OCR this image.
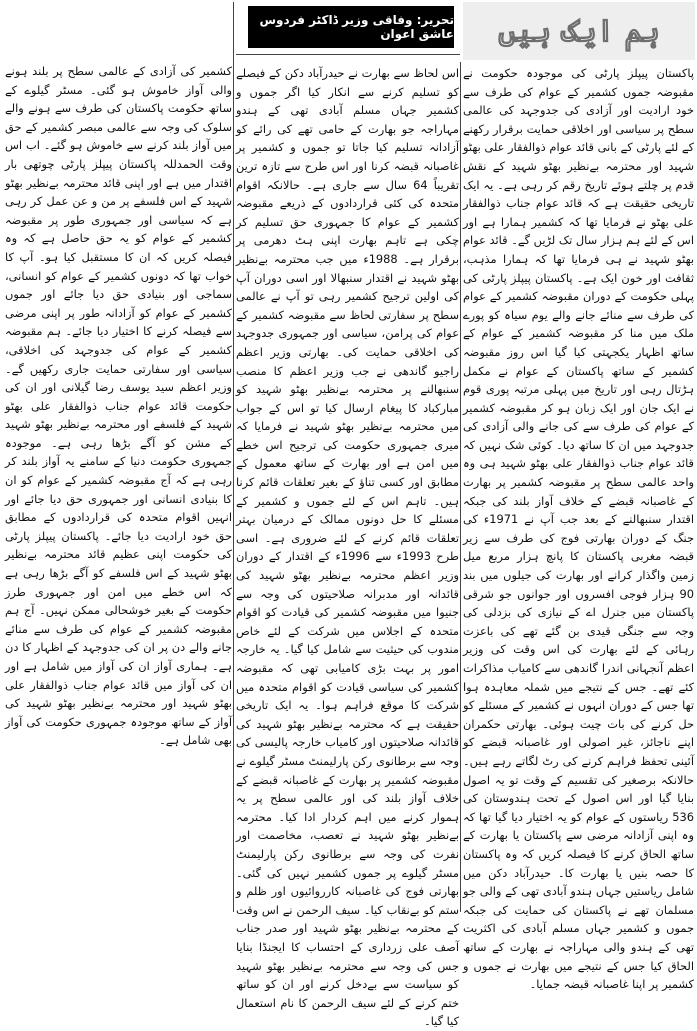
ہم ایک ہیں
تحریر: وفاقی وزیر ڈاکٹر فردوس عاشق اعوان

پاکستان پیپلز پارٹی کی موجودہ حکومت نے مقبوضہ جموں کشمیر کے عوام کی طرف سے خود ارادیت اور آزادی کی جدوجہد کی عالمی سطح پر سیاسی اور اخلاقی حمایت برقرار رکھنے کے لئے پارٹی کے بانی قائد عوام ذوالفقار علی بھٹو شہید اور محترمہ بےنظیر بھٹو شہید کے نقش قدم پر چلتے ہوئے تاریخ رقم کر رہی ہے۔ یہ ایک تاریخی حقیقت ہے کہ قائد عوام جناب ذوالفقار علی بھٹو نے فرمایا تھا کہ کشمیر ہمارا ہے اور اس کے لئے ہم ہزار سال تک لڑیں گے۔ قائد عوام بھٹو شہید نے ہی فرمایا تھا کہ ہمارا مذہب، ثقافت اور خون ایک ہے۔ پاکستان پیپلز پارٹی کی پہلی حکومت کے دوران مقبوضہ کشمیر کے عوام کی طرف سے منائے جانے والے یوم سیاہ کو پورے ملک میں منا کر مقبوضہ کشمیر کے عوام کے ساتھ اظہار یکجہتی کیا گیا اس روز مقبوضہ کشمیر کے ساتھ پاکستان کے عوام نے مکمل ہڑتال رہی اور تاریخ میں پہلی مرتبہ پوری قوم نے ایک جان اور ایک زبان ہو کر مقبوضہ کشمیر کے عوام کی طرف سے کی جانے والی آزادی کی جدوجہد میں ان کا ساتھ دیا۔ کوئی شک نہیں کہ قائد عوام جناب ذوالفقار علی بھٹو شہید ہی وہ واحد عالمی سطح پر مقبوضہ کشمیر پر بھارت کے غاصبانہ قبضے کے خلاف آواز بلند کی جبکہ اقتدار سنبھالنے کے بعد جب آپ نے 1971ء کی جنگ کے دوران بھارتی فوج کی طرف سے زیر قبضہ مغربی پاکستان کا پانچ ہزار مربع میل زمین واگذار کرانے اور بھارت کی جیلوں میں بند 90 ہزار فوجی افسروں اور جوانوں جو شرقی پاکستان میں جنرل اے کے نیازی کی بزدلی کی وجہ سے جنگی قیدی بن گئے تھے کی باعزت رہائی کے لئے بھارت کی اس وقت کی وزیر اعظم آنجہانی اندرا گاندھی سے کامیاب مذاکرات کئے تھے۔ جس کے نتیجے میں شملہ معاہدہ ہوا تھا جس کے دوران انہوں نے کشمیر کے مسئلے کو حل کرنے کی بات چیت ہوئی۔ بھارتی حکمران اپنے ناجائز، غیر اصولی اور غاصبانہ قبضے کو آئینی تحفظ فراہم کرنے کی رٹ لگاتے رہے ہیں۔ حالانکہ برصغیر کی تقسیم کے وقت تو یہ اصول بنایا گیا اور اس اصول کے تحت ہندوستان کی 536 ریاستوں کے عوام کو یہ اختیار دیا گیا تھا کہ وہ اپنی آزادانہ مرضی سے پاکستان یا بھارت کے ساتھ الحاق کرنے کا فیصلہ کریں کہ وہ پاکستان کا حصہ بنیں یا بھارت کا۔ حیدرآباد دکن میں شامل ریاستیں جہاں ہندو آبادی تھی کے والی جو مسلمان تھے نے پاکستان کی حمایت کی جبکہ جموں و کشمیر جہاں مسلم آبادی کی اکثریت تھی کے ہندو والی مہاراجہ نے بھارت کے ساتھ الحاق کیا جس کے نتیجے میں بھارت نے جموں و کشمیر پر اپنا غاصبانہ قبضہ جمایا۔

اس لحاظ سے بھارت نے حیدرآباد دکن کے فیصلے کو تسلیم کرنے سے انکار کیا اگر جموں و کشمیر جہاں مسلم آبادی تھی کے ہندو مہاراجہ جو بھارت کے حامی تھے کی رائے کو آزادانہ تسلیم کیا جاتا تو جموں و کشمیر پر غاصبانہ قبضہ کرنا اور اس طرح سے تازہ ترین تقریباً 64 سال سے جاری ہے۔ حالانکہ اقوام متحدہ کی کئی قراردادوں کے ذریعے مقبوضہ کشمیر کے عوام کا جمہوری حق تسلیم کر چکی ہے تاہم بھارت اپنی ہٹ دھرمی پر برقرار ہے۔ 1988ء میں جب محترمہ بےنظیر بھٹو شہید نے اقتدار سنبھالا اور اسی دوران آپ کی اولین ترجیح کشمیر رہی تو آپ نے عالمی سطح پر سفارتی لحاظ سے مقبوضہ کشمیر کے عوام کی پرامن، سیاسی اور جمہوری جدوجہد کی اخلاقی حمایت کی۔ بھارتی وزیر اعظم راجیو گاندھی نے جب وزیر اعظم کا منصب سنبھالنے پر محترمہ بےنظیر بھٹو شہید کو مبارکباد کا پیغام ارسال کیا تو اس کے جواب میں محترمہ بےنظیر بھٹو شہید نے فرمایا کہ میری جمہوری حکومت کی ترجیح اس خطے میں امن ہے اور بھارت کے ساتھ معمول کے مطابق اور کسی تناؤ کے بغیر تعلقات قائم کرنا ہیں۔ تاہم اس کے لئے جموں و کشمیر کے مسئلے کا حل دونوں ممالک کے درمیان بہتر تعلقات قائم کرنے کے لئے ضروری ہے۔ اسی طرح 1993ء سے 1996ء کے اقتدار کے دوران وزیر اعظم محترمہ بےنظیر بھٹو شہید کی قائدانہ اور مدبرانہ صلاحیتوں کی وجہ سے جنیوا میں مقبوضہ کشمیر کی قیادت کو اقوام متحدہ کے اجلاس میں شرکت کے لئے خاص مندوب کی حیثیت سے شامل کیا گیا۔ یہ خارجہ امور پر بہت بڑی کامیابی تھی کہ مقبوضہ کشمیر کی سیاسی قیادت کو اقوام متحدہ میں شرکت کا موقع فراہم ہوا۔ یہ ایک تاریخی حقیقت ہے کہ محترمہ بےنظیر بھٹو شہید کی قائدانہ صلاحیتوں اور کامیاب خارجہ پالیسی کی وجہ سے برطانوی رکن پارلیمنٹ مسٹر گیلوے نے مقبوضہ کشمیر پر بھارت کے غاصبانہ قبضے کے خلاف آواز بلند کی اور عالمی سطح پر یہ ہموار کرنے میں اہم کردار ادا کیا۔ محترمہ بےنظیر بھٹو شہید نے تعصب، مخاصمت اور نفرت کی وجہ سے برطانوی رکن پارلیمنٹ مسٹر گیلوے پر جموں کشمیر نہیں کی گئی۔ بھارتی فوج کی غاصبانہ کارروائیوں اور ظلم و ستم کو بےنقاب کیا۔ سیف الرحمن نے اس وقت کے محترمہ بےنظیر بھٹو شہید اور صدر جناب آصف علی زرداری کے احتساب کا ایجنڈا بنایا جس کی وجہ سے محترمہ بےنظیر بھٹو شہید کو سیاست سے بےدخل کرنے اور ان کو ساتھ ختم کرنے کے لئے سیف الرحمن کا نام استعمال کیا گیا۔

کشمیر کی آزادی کے عالمی سطح پر بلند ہونے والی آواز خاموش ہو گئی۔ مسٹر گیلوے کے ساتھ حکومت پاکستان کی طرف سے ہونے والے سلوک کی وجہ سے عالمی مبصر کشمیر کے حق میں آواز بلند کرنے سے خاموش ہو گئے۔ اب اس وقت الحمدللہ پاکستان پیپلز پارٹی چوتھی بار اقتدار میں ہے اور اپنی قائد محترمہ بےنظیر بھٹو شہید کے اس فلسفے پر من و عن عمل کر رہی ہے کہ سیاسی اور جمہوری طور پر مقبوضہ کشمیر کے عوام کو یہ حق حاصل ہے کہ وہ فیصلہ کریں کہ ان کا مستقبل کیا ہو۔ آپ کا خواب تھا کہ دونوں کشمیر کے عوام کو انسانی، سماجی اور بنیادی حق دیا جائے اور جموں کشمیر کے عوام کو آزادانہ طور پر اپنی مرضی سے فیصلہ کرنے کا اختیار دیا جائے۔ ہم مقبوضہ کشمیر کے عوام کی جدوجہد کی اخلاقی، سیاسی اور سفارتی حمایت جاری رکھیں گے۔ وزیر اعظم سید یوسف رضا گیلانی اور ان کی حکومت قائد عوام جناب ذوالفقار علی بھٹو شہید کے فلسفے اور محترمہ بےنظیر بھٹو شہید کے مشن کو آگے بڑھا رہی ہے۔ موجودہ جمہوری حکومت دنیا کے سامنے یہ آواز بلند کر رہی ہے کہ آج مقبوضہ کشمیر کے عوام کو ان کا بنیادی انسانی اور جمہوری حق دیا جائے اور انہیں اقوام متحدہ کی قراردادوں کے مطابق حق خود ارادیت دیا جائے۔ پاکستان پیپلز پارٹی کی حکومت اپنی عظیم قائد محترمہ بےنظیر بھٹو شہید کے اس فلسفے کو آگے بڑھا رہی ہے کہ اس خطے میں امن اور جمہوری طرز حکومت کے بغیر خوشحالی ممکن نہیں۔ آج ہم مقبوضہ کشمیر کے عوام کی طرف سے منائے جانے والے دن پر ان کی جدوجہد کے اظہار کا دن ہے۔ ہماری آواز ان کی آواز میں شامل ہے اور ان کی آواز میں قائد عوام جناب ذوالفقار علی بھٹو شہید اور محترمہ بےنظیر بھٹو شہید کی آواز کے ساتھ موجودہ جمہوری حکومت کی آواز بھی شامل ہے۔
